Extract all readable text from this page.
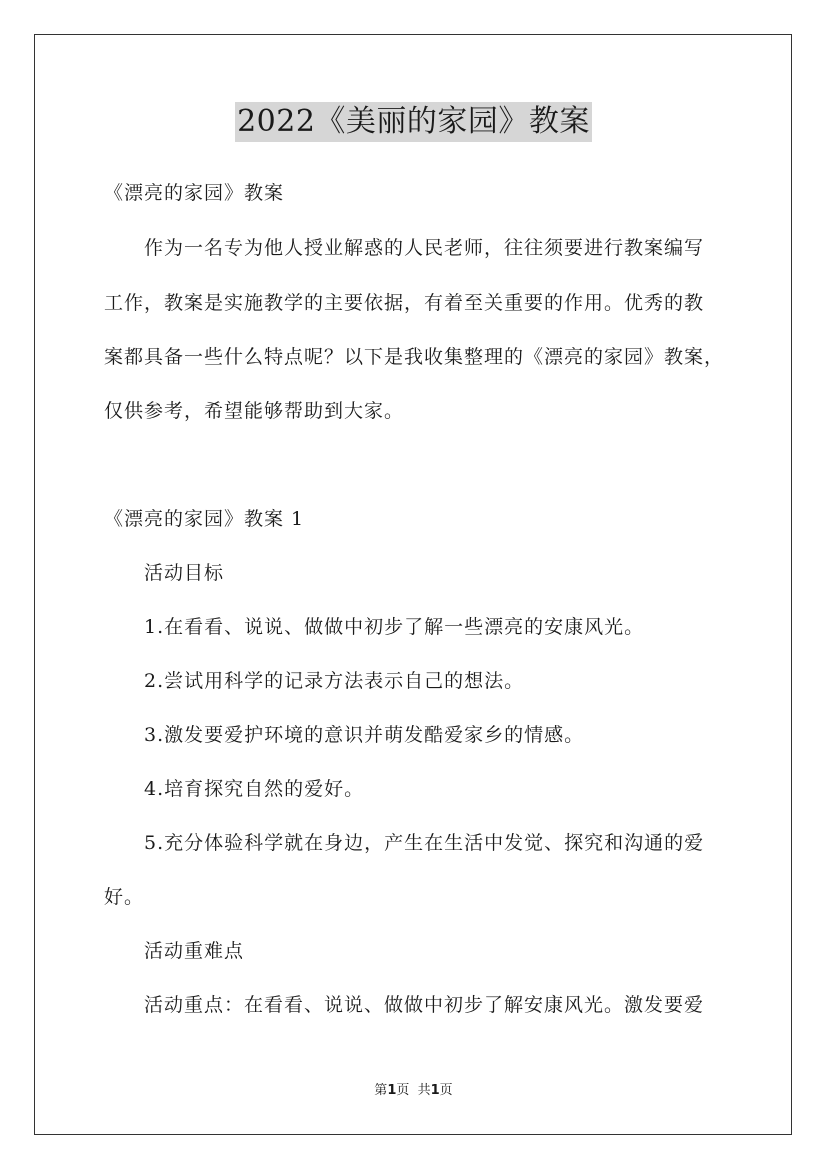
2022《美丽的家园》教案
《漂亮的家园》教案
作为一名专为他人授业解惑的人民老师，往往须要进行教案编写
工作，教案是实施教学的主要依据，有着至关重要的作用。优秀的教
案都具备一些什么特点呢？以下是我收集整理的《漂亮的家园》教案，
仅供参考，希望能够帮助到大家。
《漂亮的家园》教案 1
活动目标
1.在看看、说说、做做中初步了解一些漂亮的安康风光。
2.尝试用科学的记录方法表示自己的想法。
3.激发要爱护环境的意识并萌发酷爱家乡的情感。
4.培育探究自然的爱好。
5.充分体验科学就在身边，产生在生活中发觉、探究和沟通的爱
好。
活动重难点
活动重点：在看看、说说、做做中初步了解安康风光。激发要爱
第1页  共1页
